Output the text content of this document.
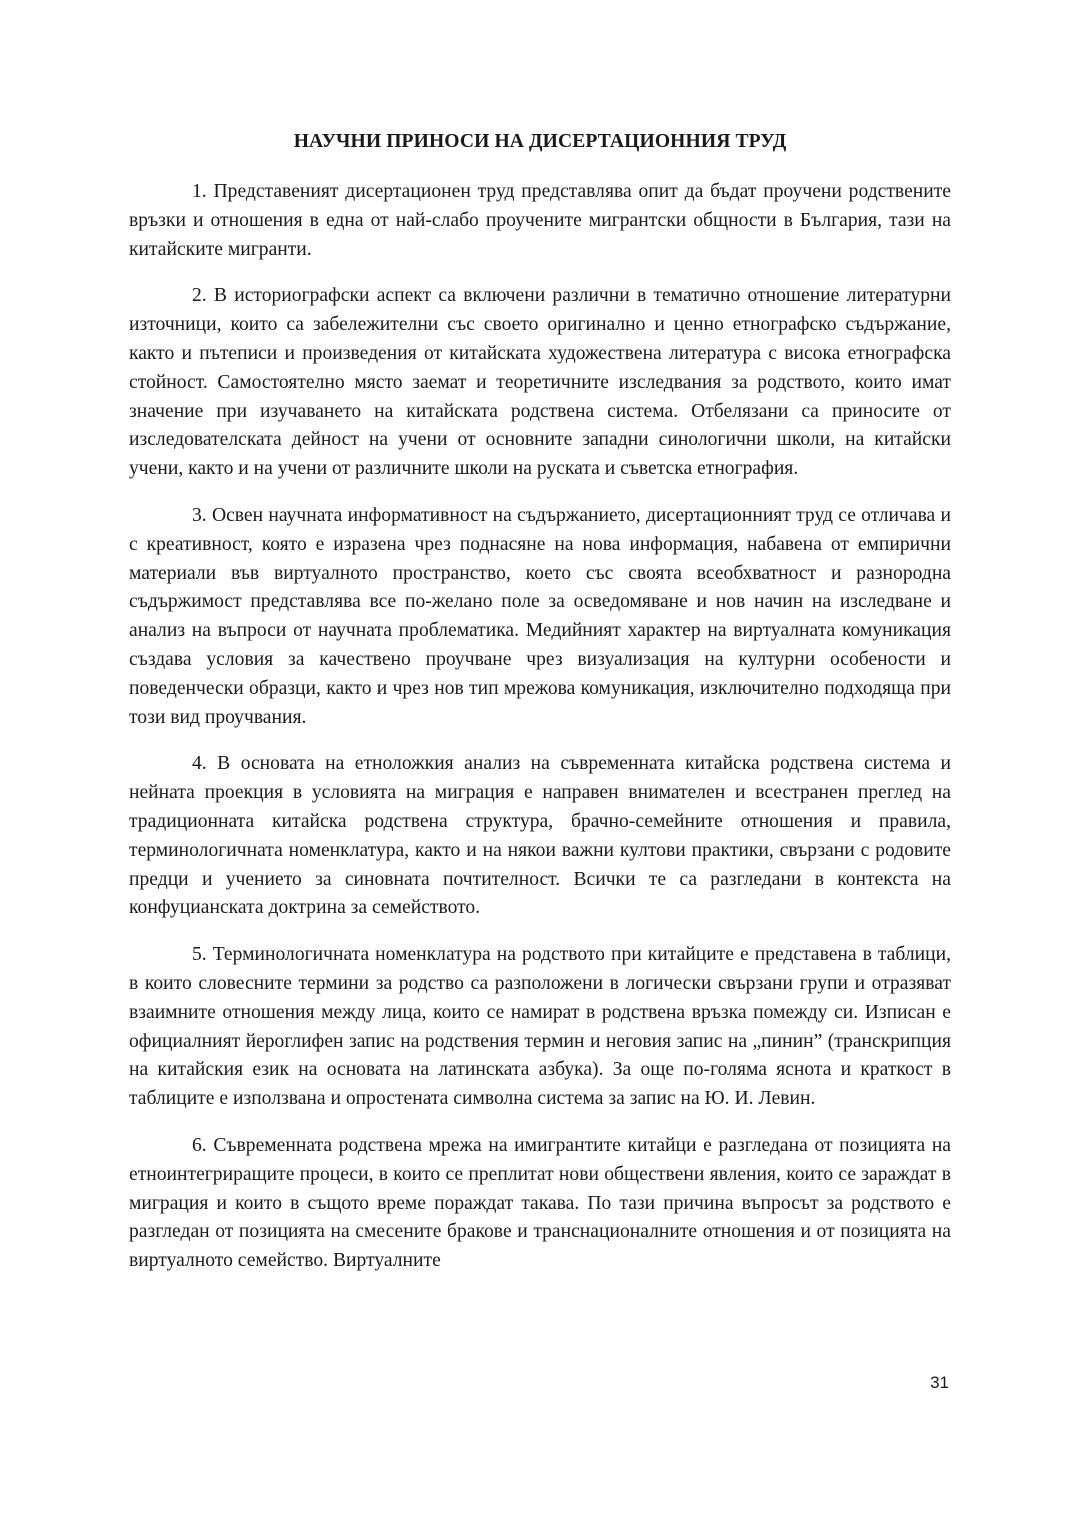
НАУЧНИ ПРИНОСИ НА ДИСЕРТАЦИОННИЯ ТРУД

1. Представеният дисертационен труд представлява опит да бъдат проучени родствените връзки и отношения в една от най-слабо проучените мигрантски общности в България, тази на китайските мигранти.

2. В историографски аспект са включени различни в тематично отношение литературни източници, които са забележителни със своето оригинално и ценно етнографско съдържание, както и пътеписи и произведения от китайската художествена литература с висока етнографска стойност. Самостоятелно място заемат и теоретичните изследвания за родството, които имат значение при изучаването на китайската родствена система. Отбелязани са приносите от изследователската дейност на учени от основните западни синологични школи, на китайски учени, както и на учени от различните школи на руската и съветска етнография.

3. Освен научната информативност на съдържанието, дисертационният труд се отличава и с креативност, която е изразена чрез поднасяне на нова информация, набавена от емпирични материали във виртуалното пространство, което със своята всеобхватност и разнородна съдържимост представлява все по-желано поле за осведомяване и нов начин на изследване и анализ на въпроси от научната проблематика. Медийният характер на виртуалната комуникация създава условия за качествено проучване чрез визуализация на културни особености и поведенчески образци, както и чрез нов тип мрежова комуникация, изключително подходяща при този вид проучвания.

4. В основата на етноложкия анализ на съвременната китайска родствена система и нейната проекция в условията на миграция е направен внимателен и всестранен преглед на традиционната китайска родствена структура, брачно-семейните отношения и правила, терминологичната номенклатура, както и на някои важни култови практики, свързани с родовите предци и учението за синовната почтителност. Всички те са разгледани в контекста на конфуцианската доктрина за семейството.

5. Терминологичната номенклатура на родството при китайците е представена в таблици, в които словесните термини за родство са разположени в логически свързани групи и отразяват взаимните отношения между лица, които се намират в родствена връзка помежду си. Изписан е официалният йероглифен запис на родствения термин и неговия запис на „пинин” (транскрипция на китайския език на основата на латинската азбука). За още по-голяма яснота и краткост в таблиците е използвана и опростената символна система за запис на Ю. И. Левин.

6. Съвременната родствена мрежа на имигрантите китайци е разгледана от позицията на етноинтегриращите процеси, в които се преплитат нови обществени явления, които се зараждат в миграция и които в същото време пораждат такава. По тази причина въпросът за родството е разгледан от позицията на смесените бракове и транснационалните отношения и от позицията на виртуалното семейство. Виртуалните

31
